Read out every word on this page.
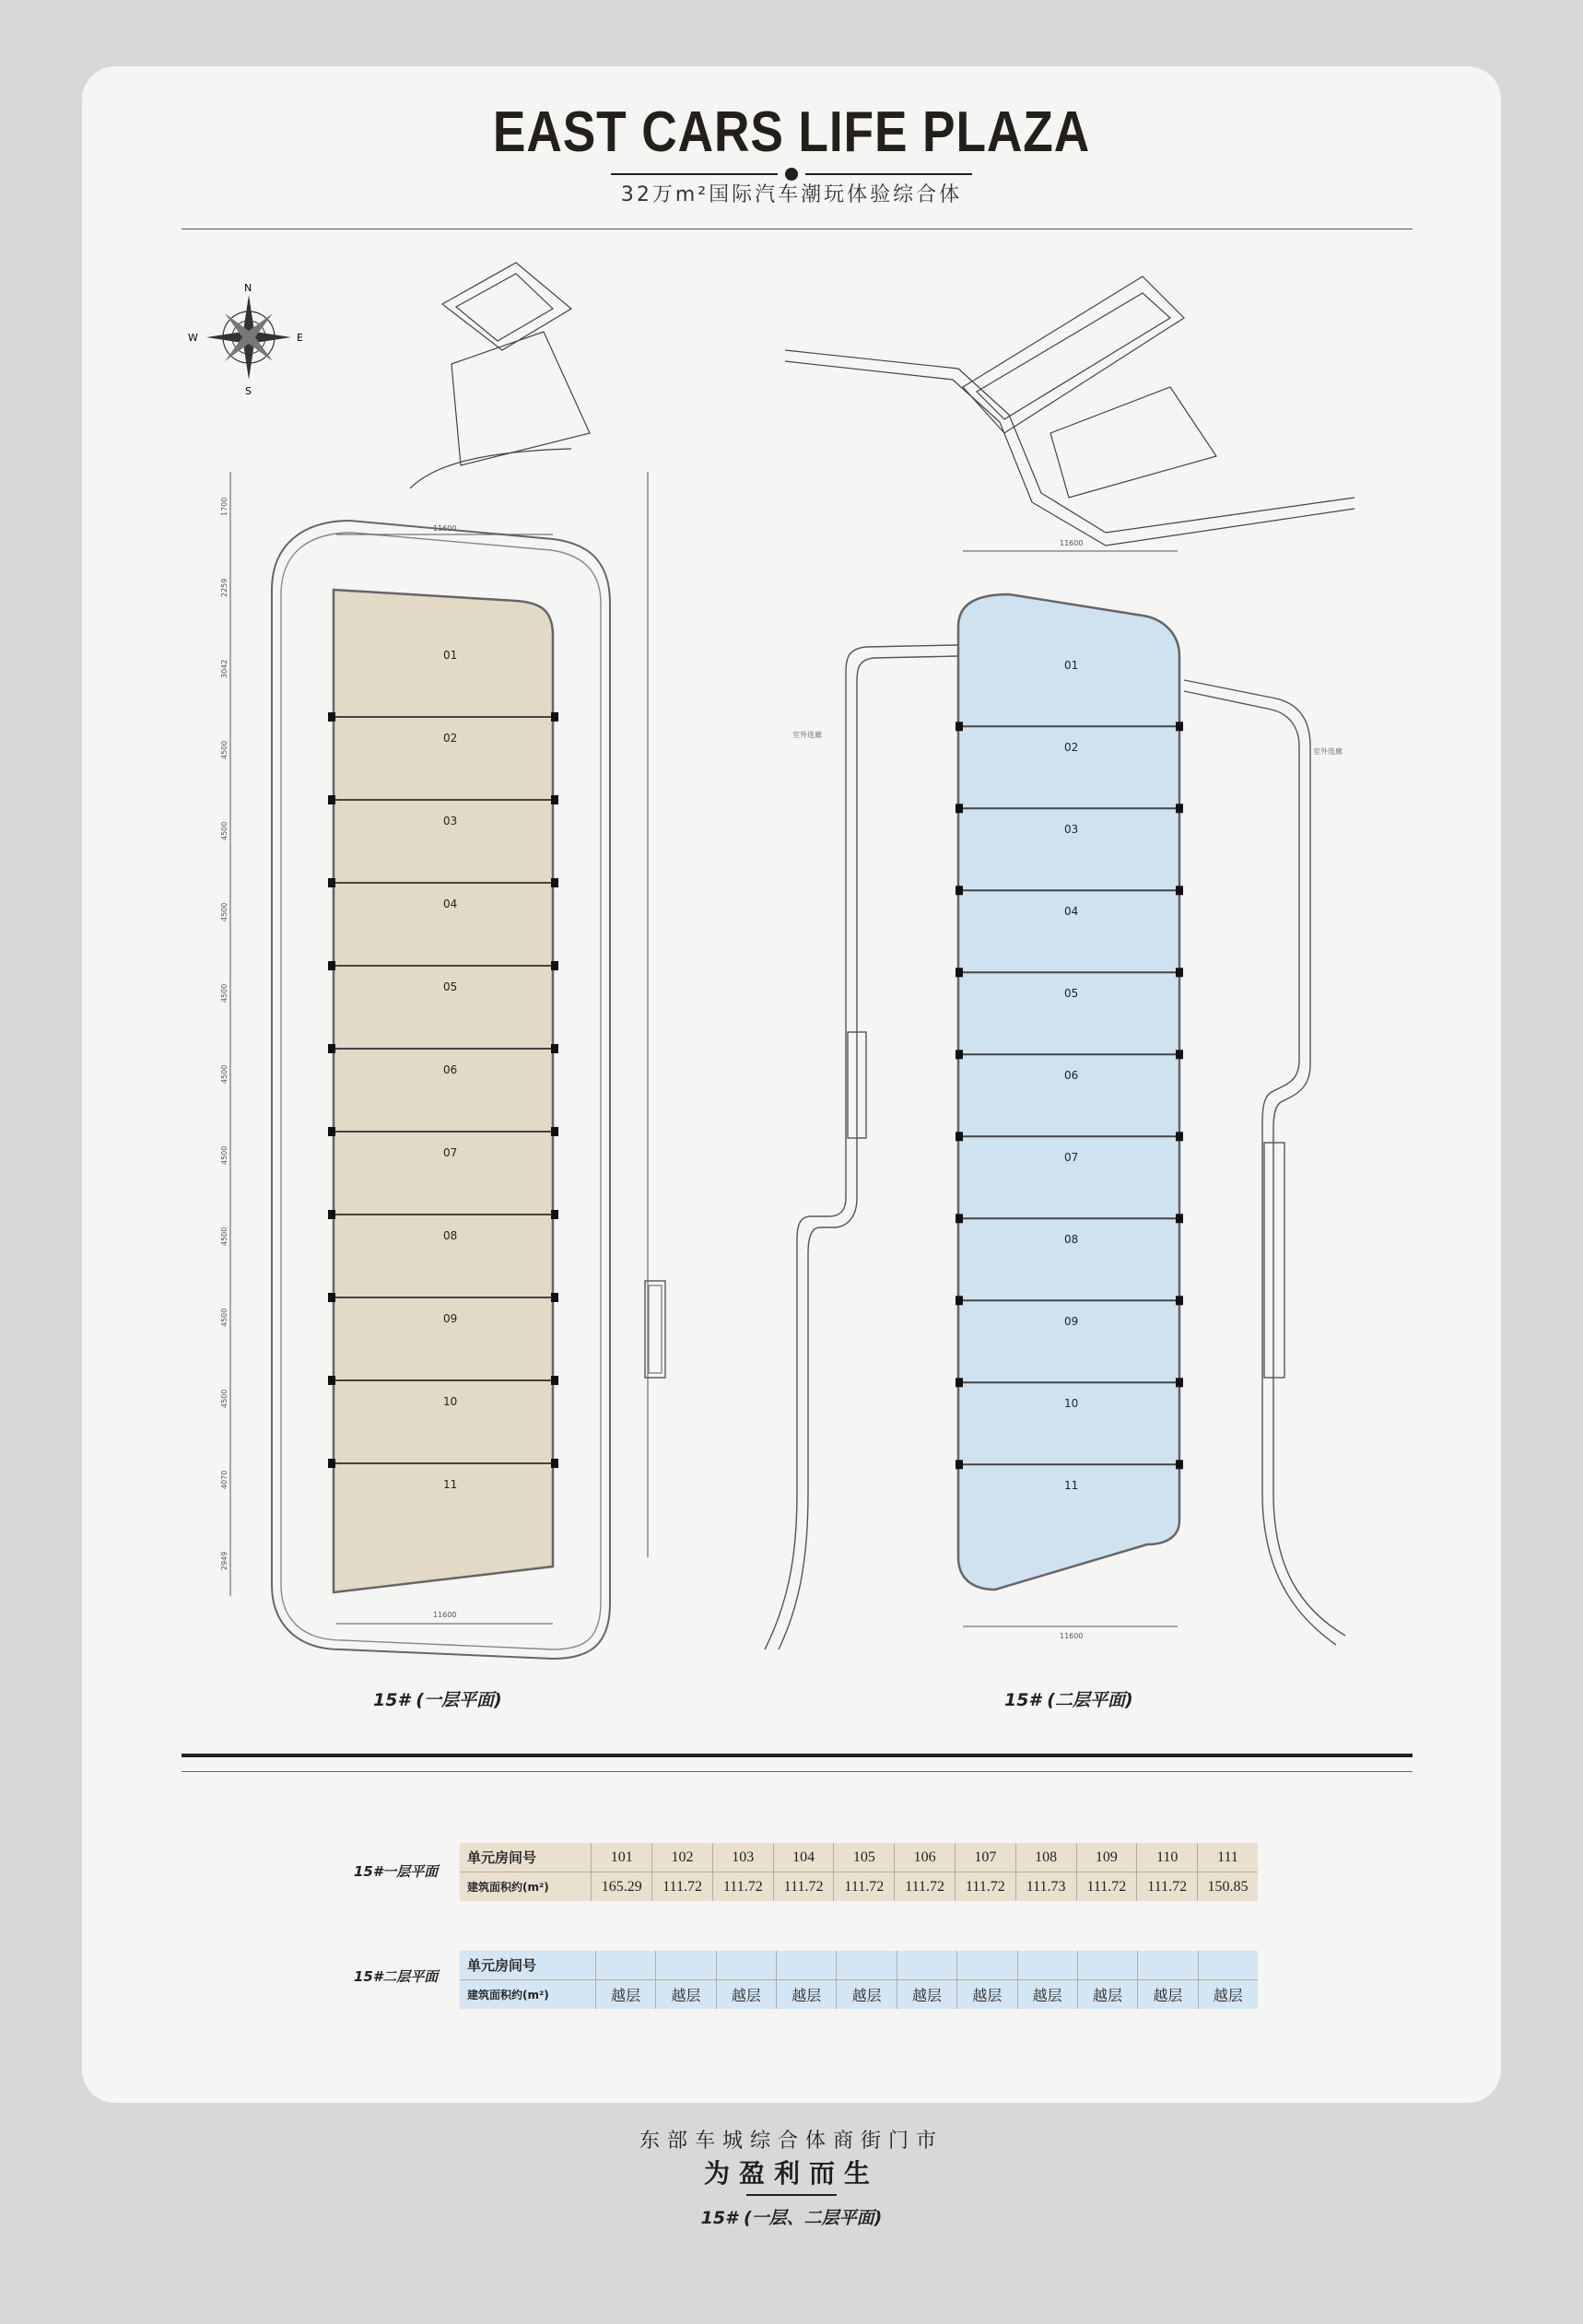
EAST CARS LIFE PLAZA
32万m²国际汽车潮玩体验综合体
N
S
E
W
1700
2259
3042
4500
4500
4500
4500
4500
4500
4500
4500
4500
4070
2949
01
02
03
04
05
06
07
08
09
10
11
11600
11600
01
02
03
04
05
06
07
08
09
10
11
室外连廊
室外连廊
11600
11600
15# (一层平面)	15# (二层平面)
15#一层平面
单元房间号	101	102	103	104	105	106	107	108	109	110	111
建筑面积约(m²)	165.29	111.72	111.72	111.72	111.72	111.72	111.72	111.73	111.72	111.72	150.85
15#二层平面
单元房间号											
建筑面积约(m²)	越层	越层	越层	越层	越层	越层	越层	越层	越层	越层	越层
东部车城综合体商街门市
为盈利而生
15# (一层、二层平面)
